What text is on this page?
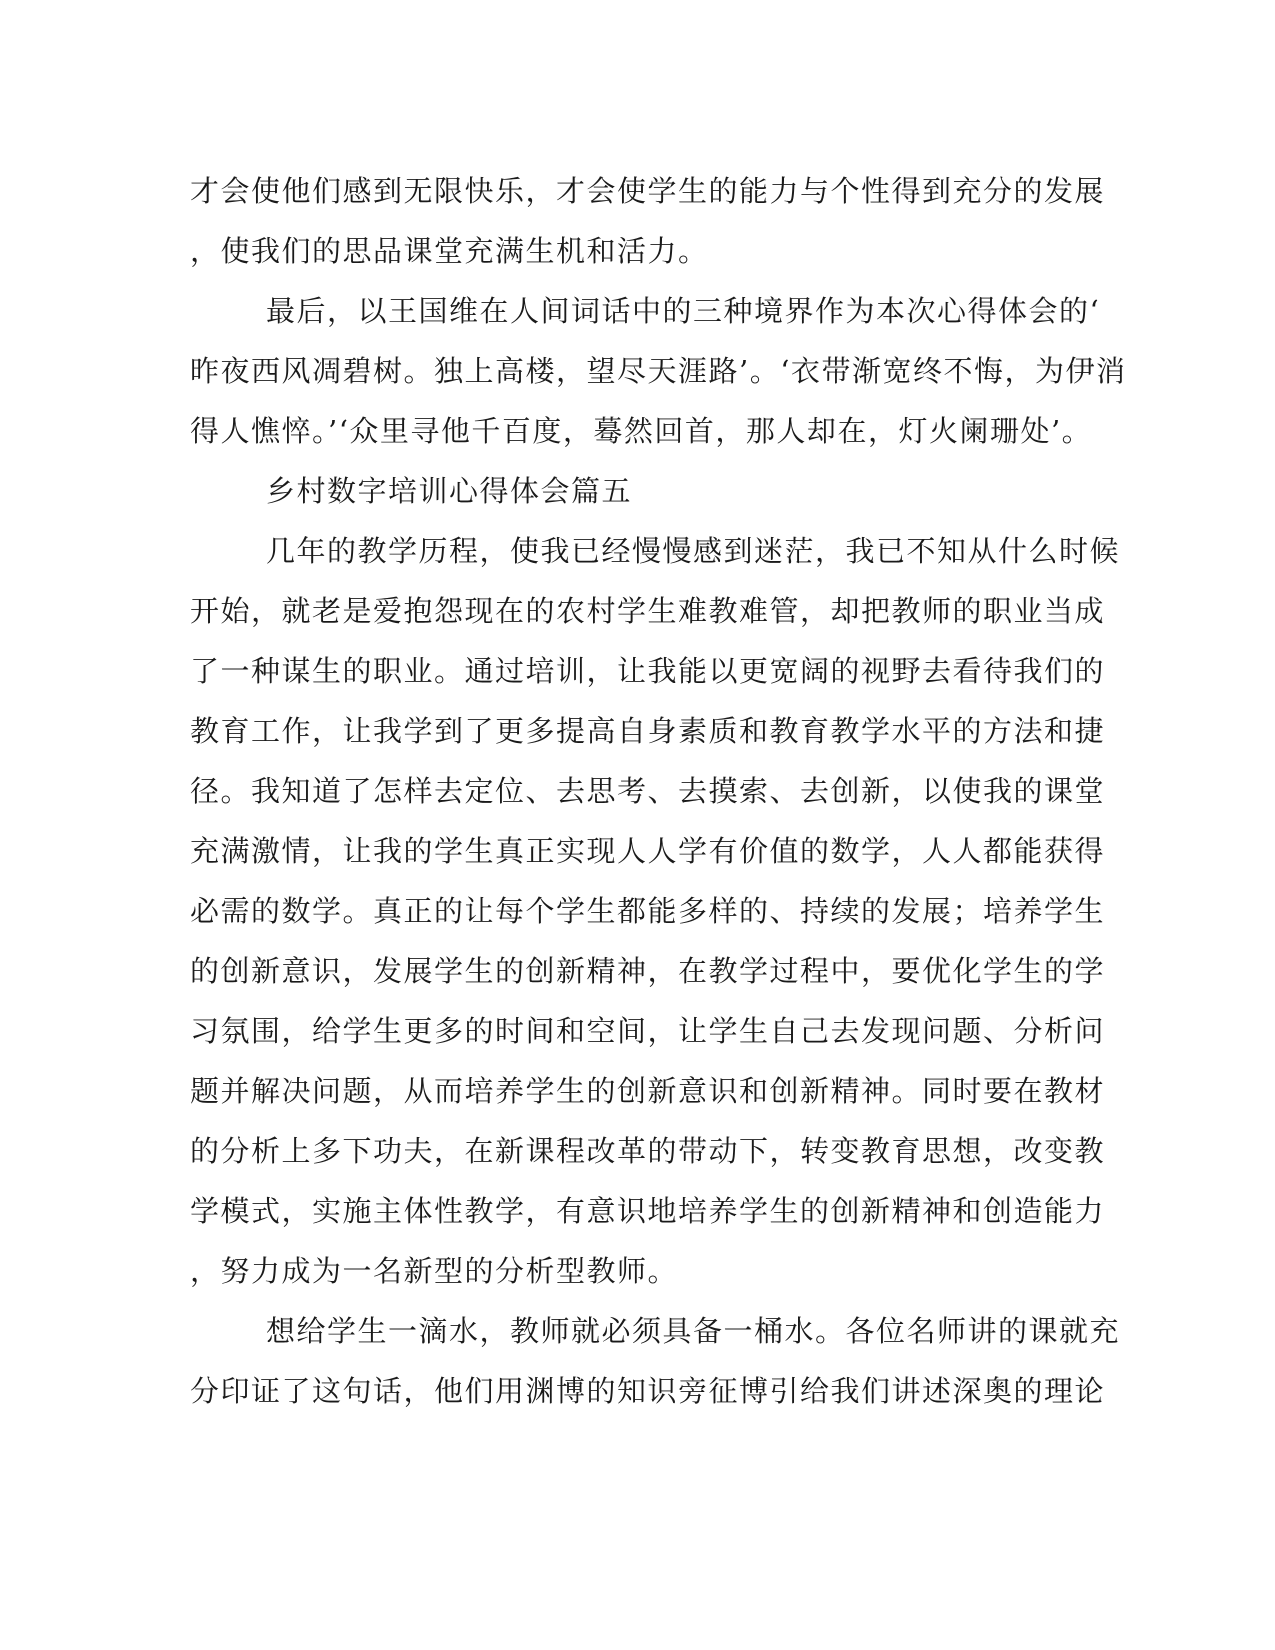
才会使他们感到无限快乐，才会使学生的能力与个性得到充分的发展
，使我们的思品课堂充满生机和活力。
最后，以王国维在人间词话中的三种境界作为本次心得体会的‘
昨夜西风凋碧树。独上高楼，望尽天涯路’。‘衣带渐宽终不悔，为伊消
得人憔悴。’‘众里寻他千百度，蓦然回首，那人却在，灯火阑珊处’。
乡村数字培训心得体会篇五
几年的教学历程，使我已经慢慢感到迷茫，我已不知从什么时候
开始，就老是爱抱怨现在的农村学生难教难管，却把教师的职业当成
了一种谋生的职业。通过培训，让我能以更宽阔的视野去看待我们的
教育工作，让我学到了更多提高自身素质和教育教学水平的方法和捷
径。我知道了怎样去定位、去思考、去摸索、去创新，以使我的课堂
充满激情，让我的学生真正实现人人学有价值的数学，人人都能获得
必需的数学。真正的让每个学生都能多样的、持续的发展；培养学生
的创新意识，发展学生的创新精神，在教学过程中，要优化学生的学
习氛围，给学生更多的时间和空间，让学生自己去发现问题、分析问
题并解决问题，从而培养学生的创新意识和创新精神。同时要在教材
的分析上多下功夫，在新课程改革的带动下，转变教育思想，改变教
学模式，实施主体性教学，有意识地培养学生的创新精神和创造能力
，努力成为一名新型的分析型教师。
想给学生一滴水，教师就必须具备一桶水。各位名师讲的课就充
分印证了这句话，他们用渊博的知识旁征博引给我们讲述深奥的理论
